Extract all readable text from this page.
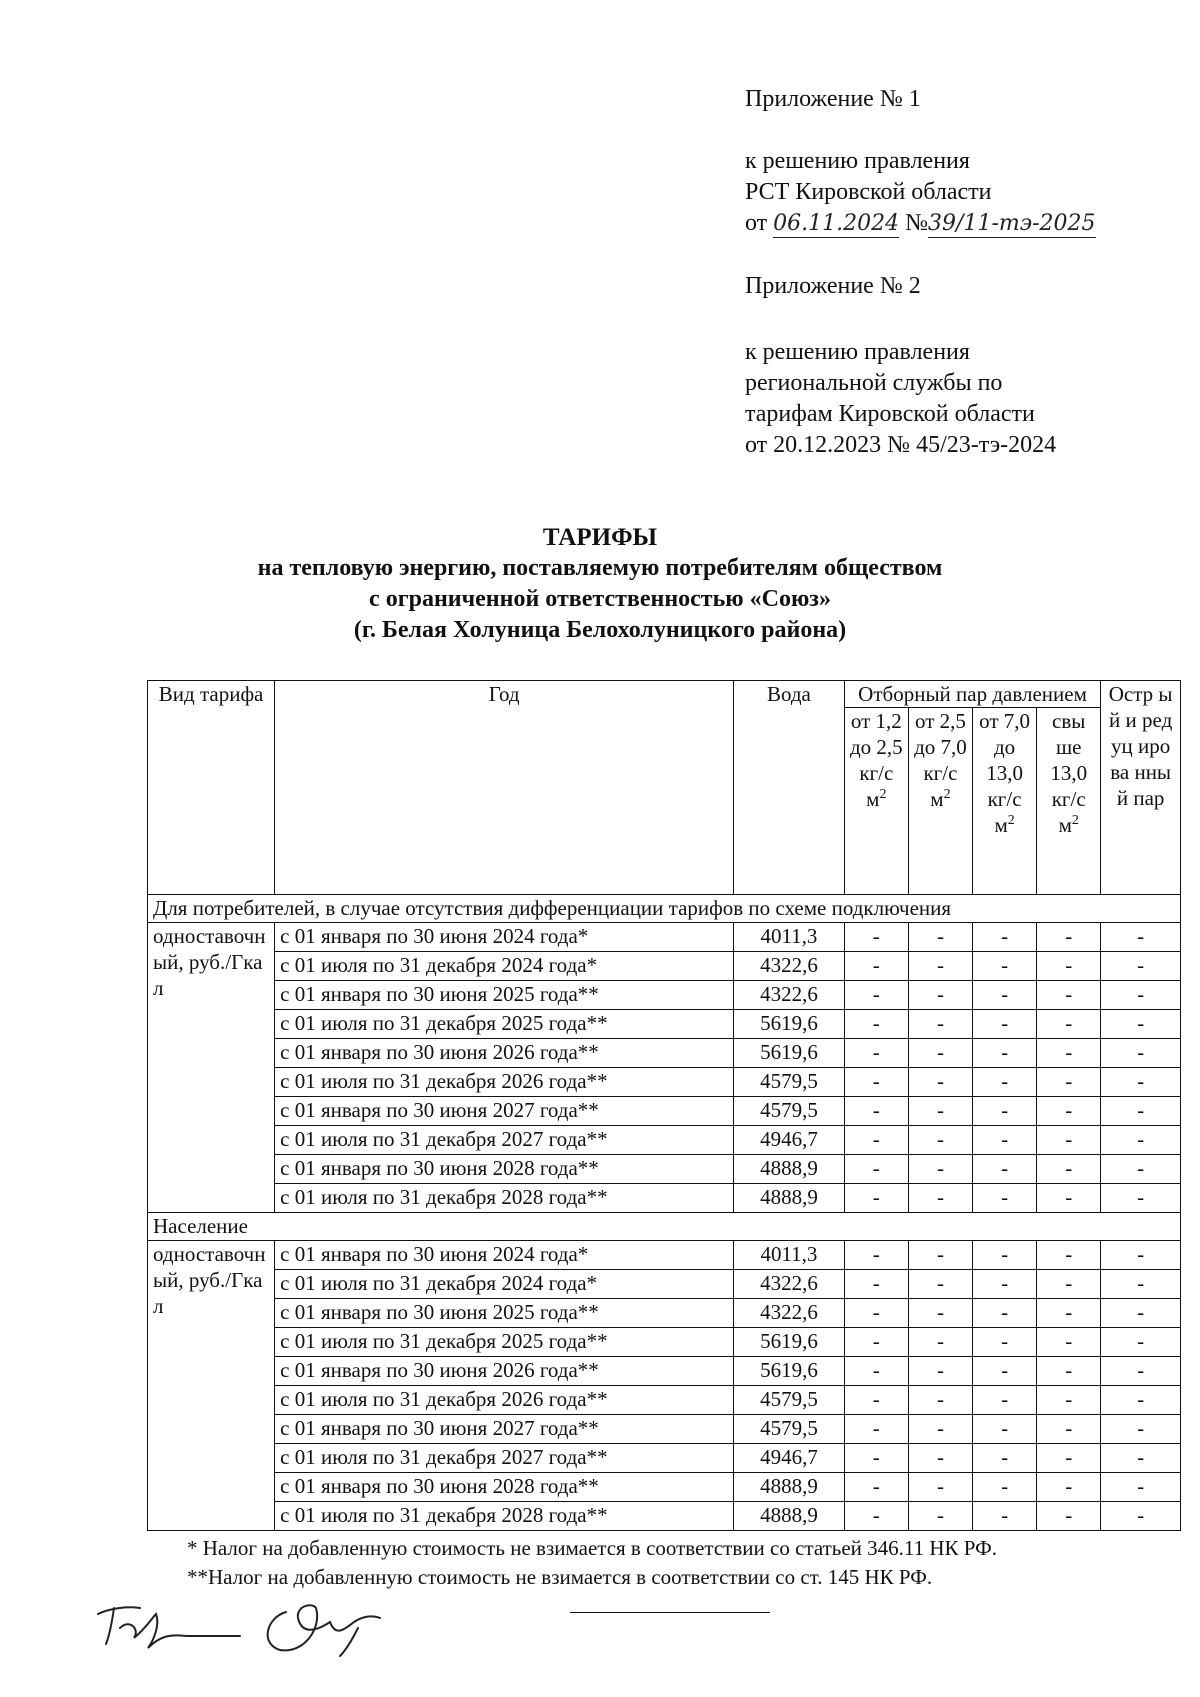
Приложение № 1
к решению правления
РСТ Кировской области
от 06.11.2024 №39/11-тэ-2025
Приложение № 2
к решению правления
региональной службы по
тарифам Кировской области
от 20.12.2023 № 45/23-тэ-2024
ТАРИФЫ
на тепловую энергию, поставляемую потребителям обществом
с ограниченной ответственностью «Союз»
(г. Белая Холуница Белохолуницкого района)
Вид тарифа	Год	Вода	Отборный пар давлением				Остр ый и редуц ирова нный пар
			от 1,2 до 2,5 кг/с $м^2$	от 2,5 до 7,0 кг/с $м^2$	от 7,0 до 13,0 кг/с $м^2$	свы ше 13,0 кг/с $м^2$
Для потребителей, в случае отсутствия дифференциации тарифов по схеме подключения							
одноставочный, руб./Гкал	с 01 января по 30 июня 2024 года*	4011,3	-	-	-	-	-
	с 01 июля по 31 декабря 2024 года*	4322,6	-	-	-	-	-
	с 01 января по 30 июня 2025 года**	4322,6	-	-	-	-	-
	с 01 июля по 31 декабря 2025 года**	5619,6	-	-	-	-	-
	с 01 января по 30 июня 2026 года**	5619,6	-	-	-	-	-
	с 01 июля по 31 декабря 2026 года**	4579,5	-	-	-	-	-
	с 01 января по 30 июня 2027 года**	4579,5	-	-	-	-	-
	с 01 июля по 31 декабря 2027 года**	4946,7	-	-	-	-	-
	с 01 января по 30 июня 2028 года**	4888,9	-	-	-	-	-
	с 01 июля по 31 декабря 2028 года**	4888,9	-	-	-	-	-
Население							
одноставочный, руб./Гкал	с 01 января по 30 июня 2024 года*	4011,3	-	-	-	-	-
	с 01 июля по 31 декабря 2024 года*	4322,6	-	-	-	-	-
	с 01 января по 30 июня 2025 года**	4322,6	-	-	-	-	-
	с 01 июля по 31 декабря 2025 года**	5619,6	-	-	-	-	-
	с 01 января по 30 июня 2026 года**	5619,6	-	-	-	-	-
	с 01 июля по 31 декабря 2026 года**	4579,5	-	-	-	-	-
	с 01 января по 30 июня 2027 года**	4579,5	-	-	-	-	-
	с 01 июля по 31 декабря 2027 года**	4946,7	-	-	-	-	-
	с 01 января по 30 июня 2028 года**	4888,9	-	-	-	-	-
	с 01 июля по 31 декабря 2028 года**	4888,9	-	-	-	-	-
* Налог на добавленную стоимость не взимается в соответствии со статьей 346.11 НК РФ.
**Налог на добавленную стоимость не взимается в соответствии со ст. 145 НК РФ.
